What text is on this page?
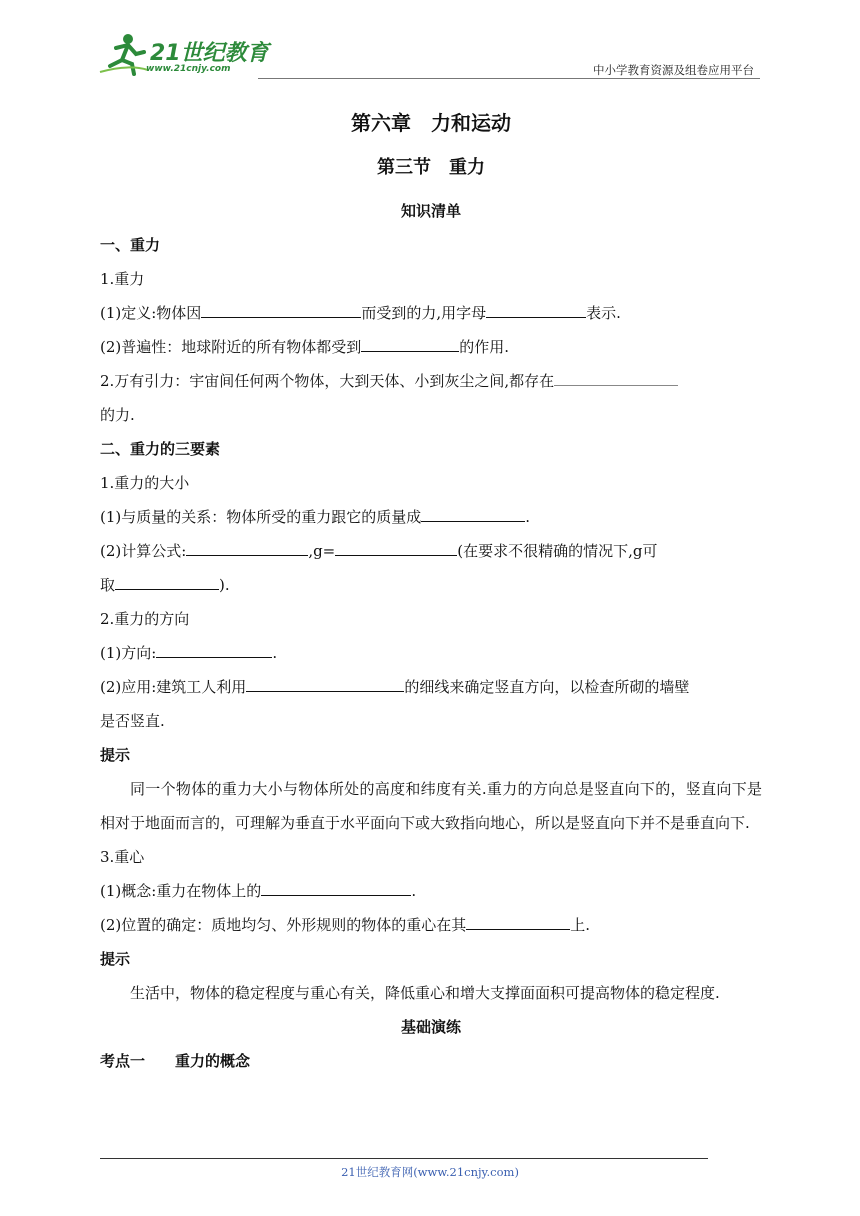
21世纪教育
www.21cnjy.com	中小学教育资源及组卷应用平台
第六章　力和运动
第三节　重力
知识清单
一、重力
1.重力
(1)定义:物体因	而受到的力,用字母	表示.
(2)普遍性：地球附近的所有物体都受到	的作用.
2.万有引力：宇宙间任何两个物体，大到天体、小到灰尘之间,都存在
的力.
二、重力的三要素
1.重力的大小
(1)与质量的关系：物体所受的重力跟它的质量成	.
(2)计算公式:	,g=	(在要求不很精确的情况下,g可
取	).
2.重力的方向
(1)方向:	.
(2)应用:建筑工人利用	的细线来确定竖直方向，以检查所砌的墙壁
是否竖直.
提示
同一个物体的重力大小与物体所处的高度和纬度有关.重力的方向总是竖直向下的，竖直向下是相对于地面而言的，可理解为垂直于水平面向下或大致指向地心，所以是竖直向下并不是垂直向下.
3.重心
(1)概念:重力在物体上的	.
(2)位置的确定：质地均匀、外形规则的物体的重心在其	上.
提示
生活中，物体的稳定程度与重心有关，降低重心和增大支撑面面积可提高物体的稳定程度.
基础演练
考点一　　重力的概念
21世纪教育网(www.21cnjy.com)
